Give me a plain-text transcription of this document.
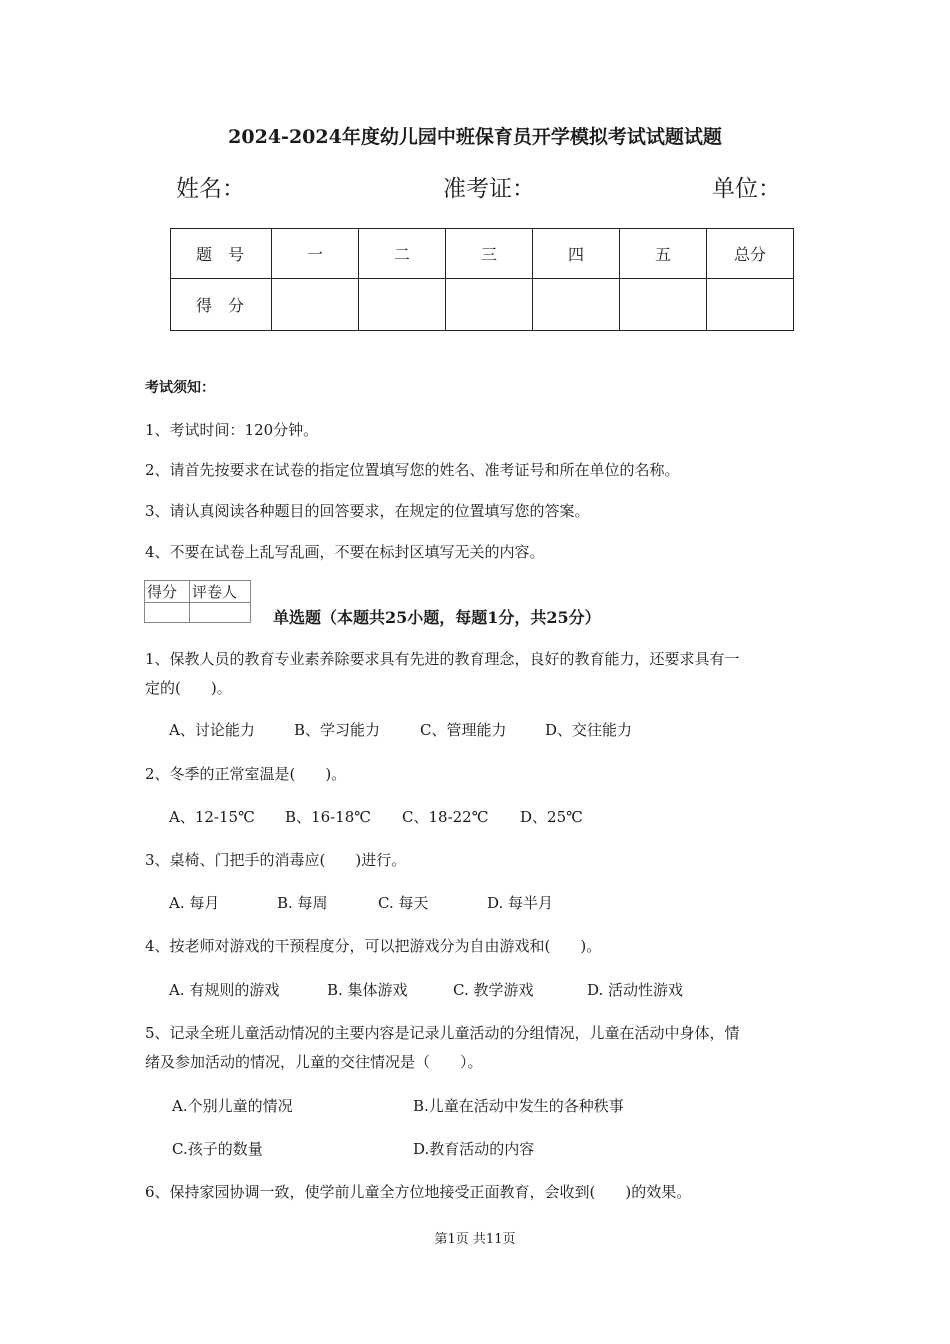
2024-2024年度幼儿园中班保育员开学模拟考试试题试题
姓名：	准考证：	单位：
题号	一	二	三	四	五	总分
得分						
考试须知：
1、考试时间：120分钟。
2、请首先按要求在试卷的指定位置填写您的姓名、准考证号和所在单位的名称。
3、请认真阅读各种题目的回答要求，在规定的位置填写您的答案。
4、不要在试卷上乱写乱画，不要在标封区填写无关的内容。
得分	评卷人

单选题（本题共25小题，每题1分，共25分）
1、保教人员的教育专业素养除要求具有先进的教育理念，良好的教育能力，还要求具有一
定的(　　)。
A、讨论能力	B、学习能力	C、管理能力	D、交往能力
2、冬季的正常室温是(　　)。
A、12-15℃ B、16-18℃ C、18-22℃ D、25℃
3、桌椅、门把手的消毒应(　　)进行。
A. 每月	B. 每周	C. 每天	D. 每半月
4、按老师对游戏的干预程度分，可以把游戏分为自由游戏和(　　)。
A. 有规则的游戏	B. 集体游戏	C. 教学游戏	D. 活动性游戏
5、记录全班儿童活动情况的主要内容是记录儿童活动的分组情况，儿童在活动中身体，情
绪及参加活动的情况，儿童的交往情况是（　　）。
A.个别儿童的情况	B.儿童在活动中发生的各种秩事
C.孩子的数量	D.教育活动的内容
6、保持家园协调一致，使学前儿童全方位地接受正面教育，会收到(　　)的效果。
第1页 共11页
